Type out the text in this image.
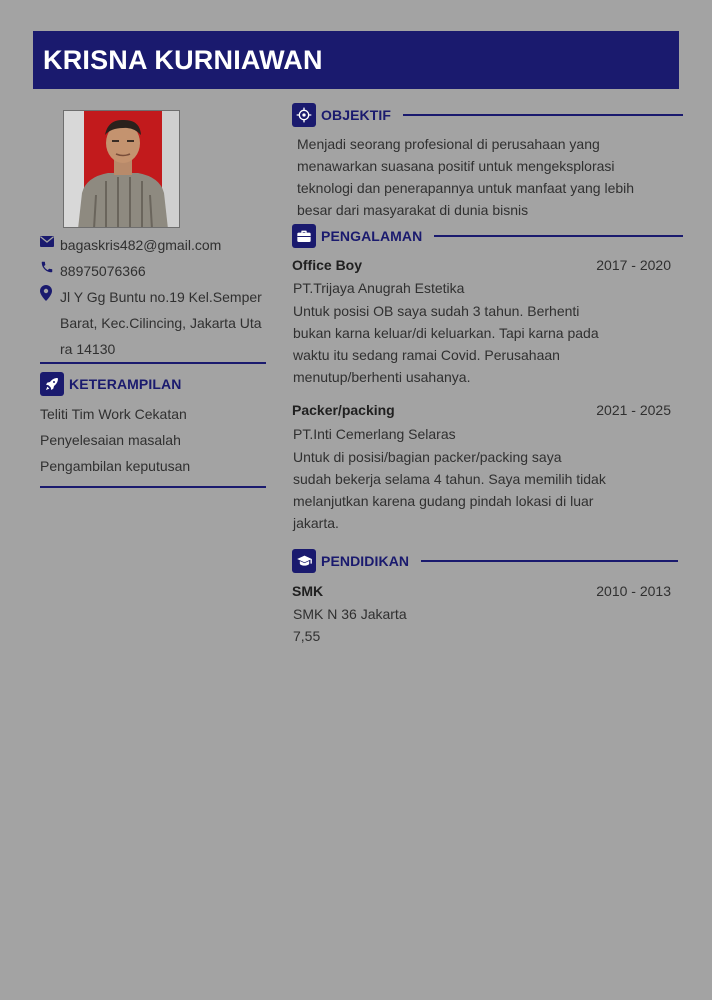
KRISNA KURNIAWAN
bagaskris482@gmail.com
88975076366
Jl Y Gg Buntu no.19 Kel.Semper
Barat, Kec.Cilincing, Jakarta Uta
ra 14130
KETERAMPILAN
Teliti Tim Work Cekatan
Penyelesaian masalah
Pengambilan keputusan
OBJEKTIF
Menjadi seorang profesional di perusahaan yang
menawarkan suasana positif untuk mengeksplorasi
teknologi dan penerapannya untuk manfaat yang lebih
besar dari masyarakat di dunia bisnis
PENGALAMAN
Office Boy	2017 - 2020
PT.Trijaya Anugrah Estetika
Untuk posisi OB saya sudah 3 tahun. Berhenti
bukan karna keluar/di keluarkan. Tapi karna pada
waktu itu sedang ramai Covid. Perusahaan
menutup/berhenti usahanya.
Packer/packing	2021 - 2025
PT.Inti Cemerlang Selaras
Untuk di posisi/bagian packer/packing saya
sudah bekerja selama 4 tahun. Saya memilih tidak
melanjutkan karena gudang pindah lokasi di luar
jakarta.
PENDIDIKAN
SMK	2010 - 2013
SMK N 36 Jakarta
7,55
